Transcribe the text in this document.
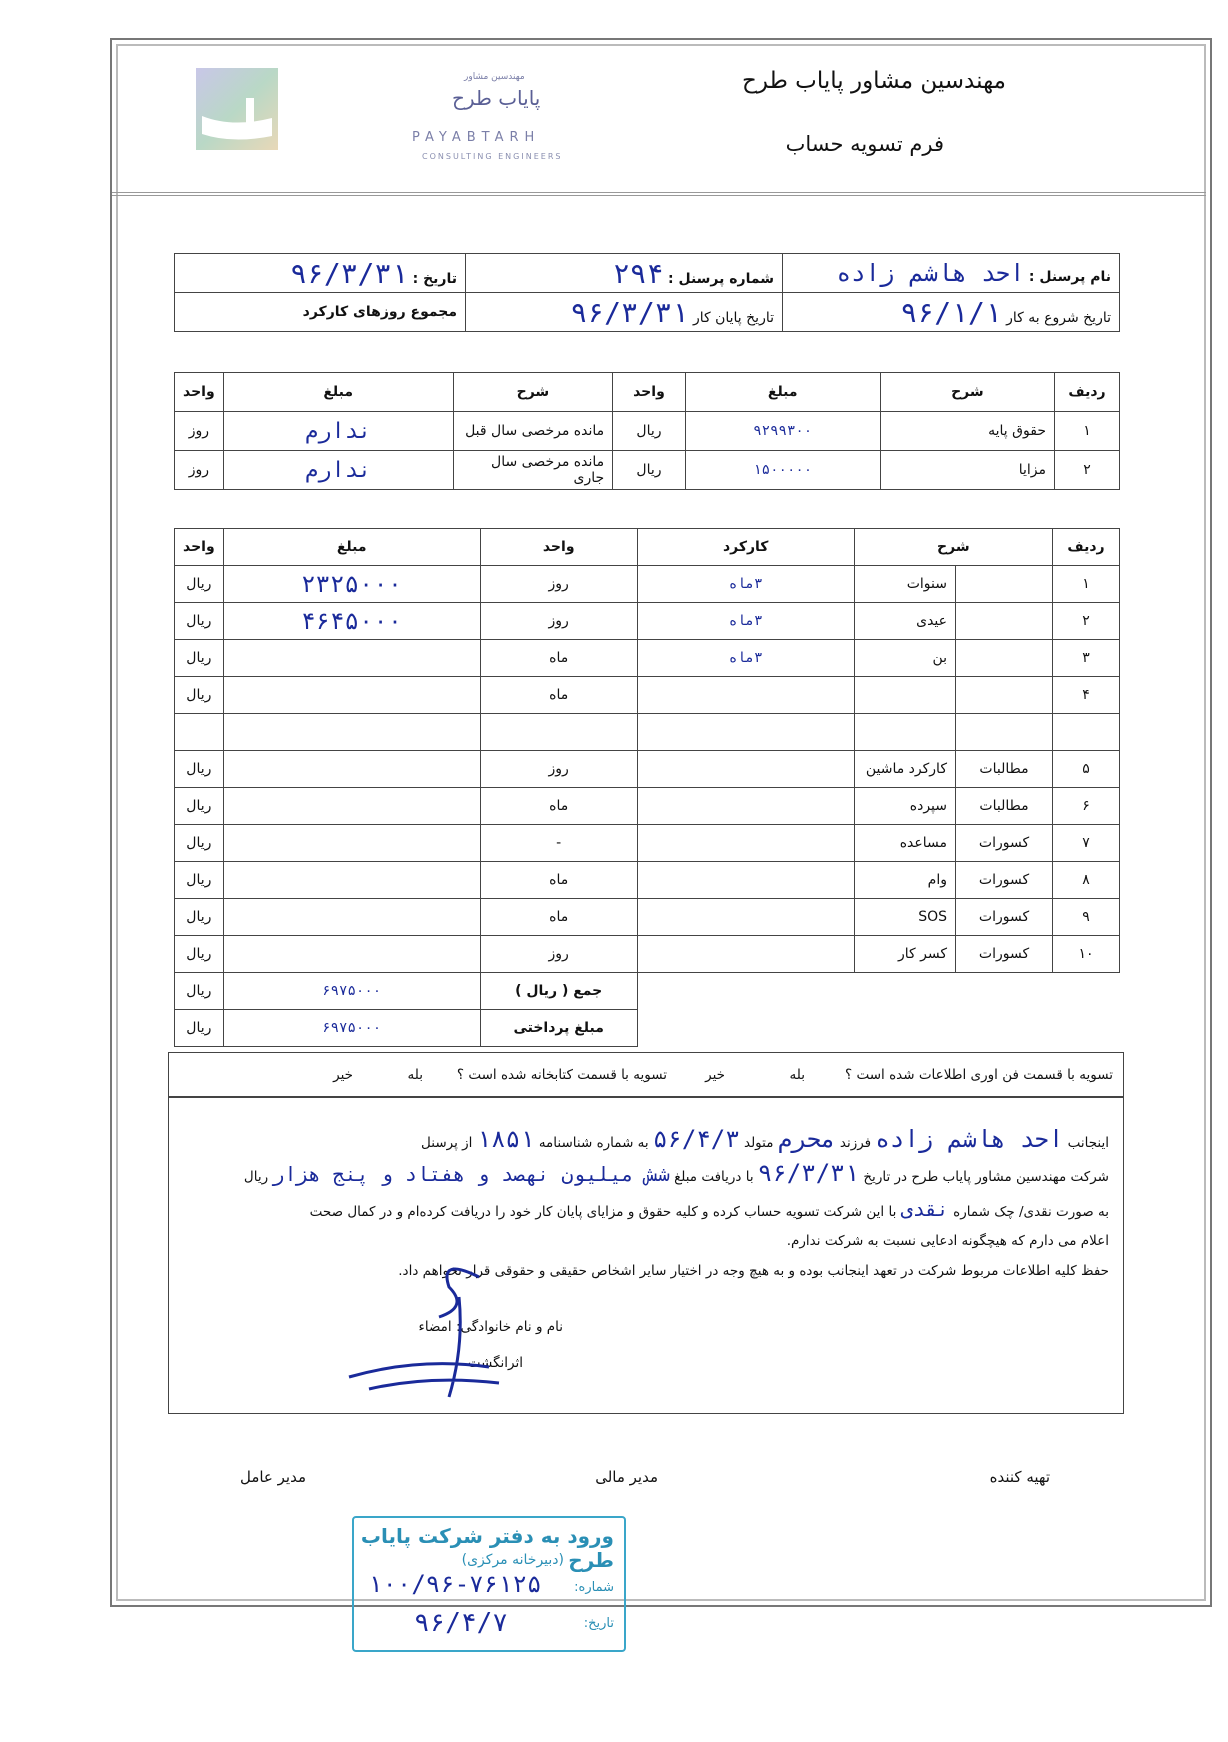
مهندسین مشاور
پایاب طرح
PAYABTARH
CONSULTING ENGINEERS
مهندسین مشاور پایاب طرح
فرم تسویه حساب
نام پرسنل : احد هاشم زاده	شماره پرسنل : ۲۹۴	تاریخ : ۹۶/۳/۳۱
تاریخ شروع به کار ۹۶/۱/۱	تاریخ پایان کار ۹۶/۳/۳۱	مجموع روزهای کارکرد
ردیف	شرح	مبلغ	واحد	شرح	مبلغ	واحد
۱	حقوق پایه	۹۲۹۹۳۰۰	ریال	مانده مرخصی سال قبل	ندارم	روز
۲	مزایا	۱۵۰۰۰۰۰	ریال	مانده مرخصی سال جاری	ندارم	روز
ردیف	شرح		کارکرد	واحد	مبلغ	واحد
۱		سنوات	۳ماه	روز	۲۳۲۵۰۰۰	ریال
۲		عیدی	۳ماه	روز	۴۶۴۵۰۰۰	ریال
۳		بن	۳ماه	ماه		ریال
۴				ماه		ریال

۵	مطالبات	کارکرد ماشین		روز		ریال
۶	مطالبات	سپرده		ماه		ریال
۷	کسورات	مساعده		-		ریال
۸	کسورات	وام		ماه		ریال
۹	کسورات	SOS		ماه		ریال
۱۰	کسورات	کسر کار		روز		ریال
				جمع ( ریال )	۶۹۷۵۰۰۰	ریال
				مبلغ پرداختی	۶۹۷۵۰۰۰	ریال
تسویه با قسمت فن اوری اطلاعات شده است ؟
بله
خیر
تسویه با قسمت کتابخانه شده است ؟
بله
خیر

اینجانب احد هاشم زاده فرزند محرم متولد ۵۶/۴/۳ به شماره شناسنامه ۱۸۵۱ از پرسنل

شرکت مهندسین مشاور پایاب طرح در تاریخ ۹۶/۳/۳۱ با دریافت مبلغ شش میلیون نهصد و هفتاد و پنج هزار ریال

به صورت نقدی/ چک شماره نقدی با این شرکت تسویه حساب کرده و کلیه حقوق و مزایای پایان کار خود را دریافت کرده‌ام و در کمال صحت

اعلام می دارم که هیچگونه ادعایی نسبت به شرکت ندارم.

حفظ کلیه اطلاعات مربوط شرکت در تعهد اینجانب بوده و به هیچ وجه در اختیار سایر اشخاص حقیقی و حقوقی قرار نخواهم داد.

نام و نام خانوادگی: امضاء

اثرانگشت

تهیه کننده
مدیر مالی
مدیر عامل
ورود به دفتر شرکت پایاب طرح
(دبیرخانه مرکزی)
شماره:
۱۰۰/۹۶-۷۶۱۲۵
تاریخ:
۹۶/۴/۷
